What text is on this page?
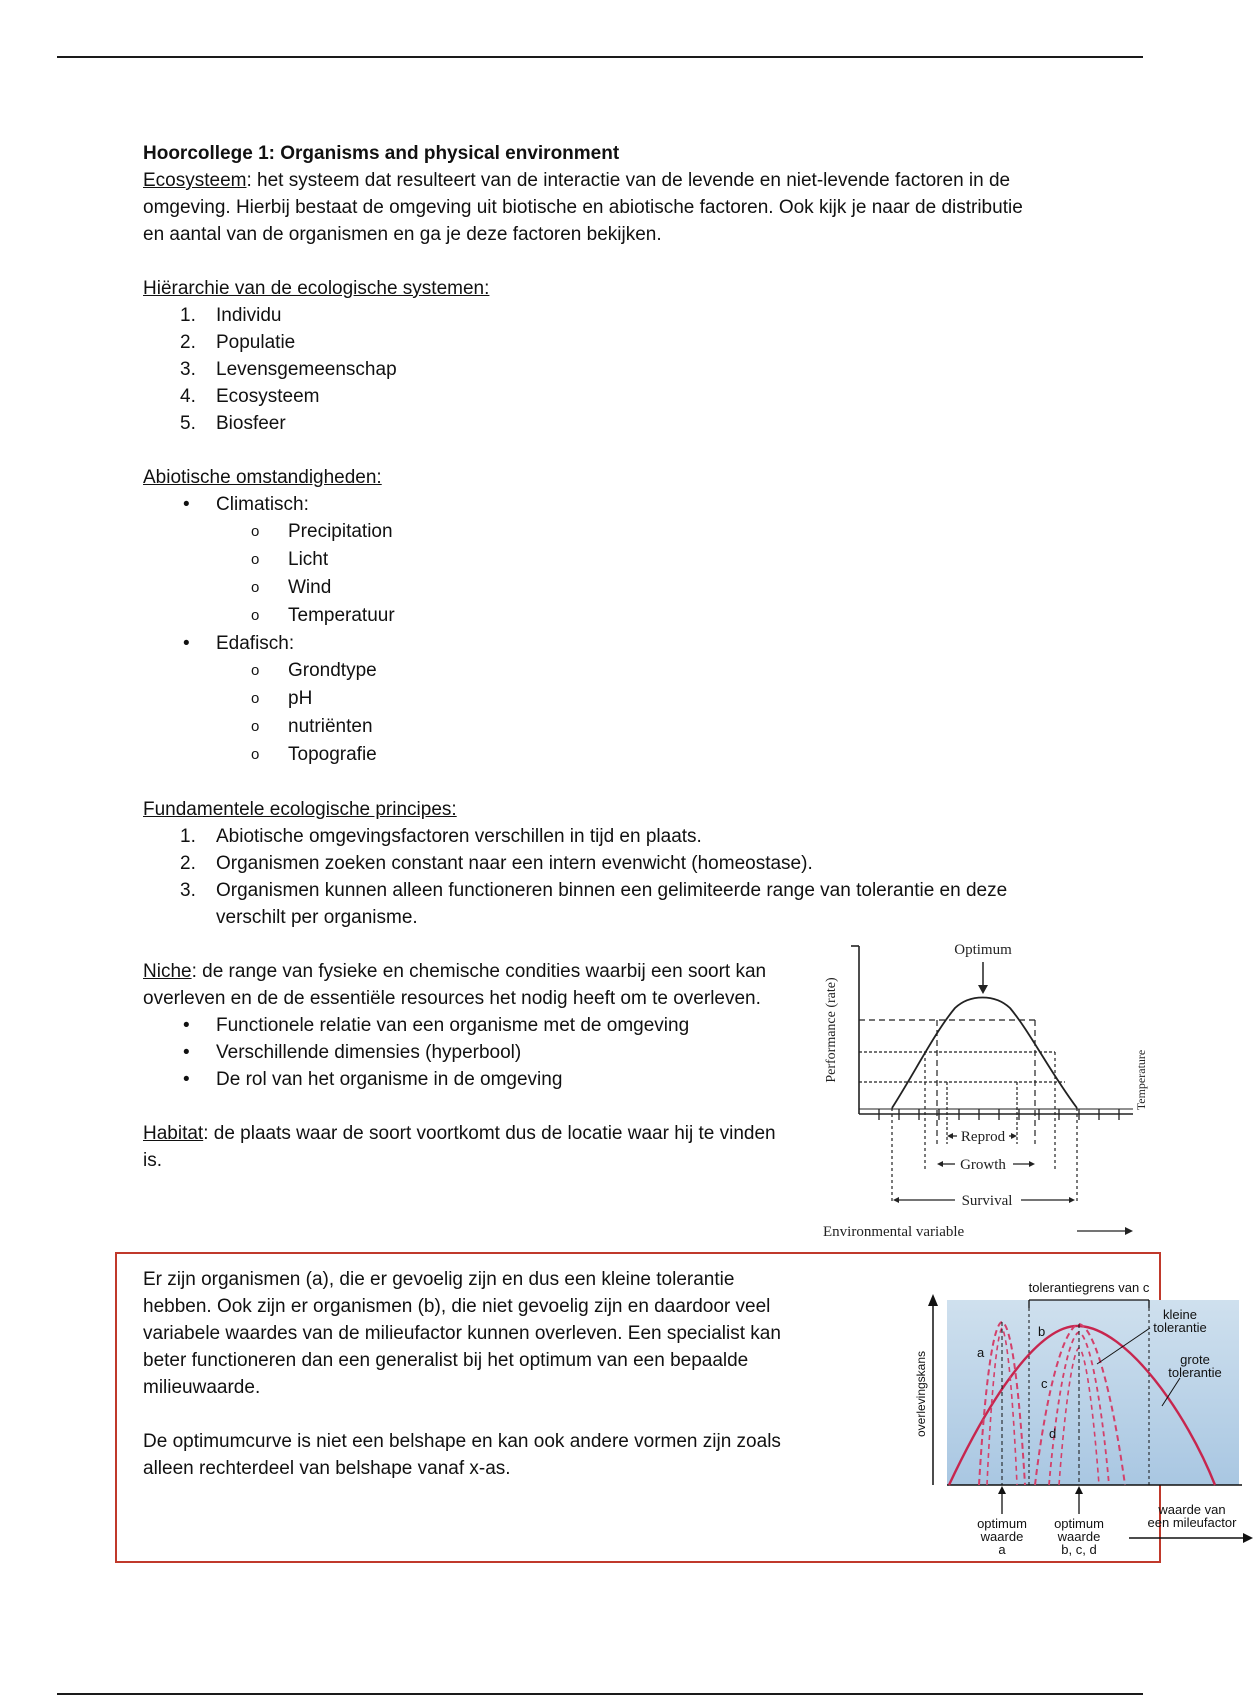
Hoorcollege 1: Organisms and physical environment

Ecosysteem: het systeem dat resulteert van de interactie van de levende en niet-levende factoren in de omgeving. Hierbij bestaat de omgeving uit biotische en abiotische factoren. Ook kijk je naar de distributie en aantal van de organismen en ga je deze factoren bekijken.

Hiërarchie van de ecologische systemen:

1. Individu
2. Populatie
3. Levensgemeenschap
4. Ecosysteem
5. Biosfeer

Abiotische omstandigheden:

• Climatisch:
o Precipitation
o Licht
o Wind
o Temperatuur
• Edafisch:
o Grondtype
o pH
o nutriënten
o Topografie

Fundamentele ecologische principes:

1. Abiotische omgevingsfactoren verschillen in tijd en plaats.
2. Organismen zoeken constant naar een intern evenwicht (homeostase).
3. Organismen kunnen alleen functioneren binnen een gelimiteerde range van tolerantie en deze verschilt per organisme.

Niche: de range van fysieke en chemische condities waarbij een soort kan overleven en de de essentiële resources het nodig heeft om te overleven.

• Functionele relatie van een organisme met de omgeving
• Verschillende dimensies (hyperbool)
• De rol van het organisme in de omgeving

Habitat: de plaats waar de soort voortkomt dus de locatie waar hij te vinden is.

Optimum
Performance (rate)	Temperature
Reprod
Growth
Survival
Environmental variable

Er zijn organismen (a), die er gevoelig zijn en dus een kleine tolerantie hebben. Ook zijn er organismen (b), die niet gevoelig zijn en daardoor veel variabele waardes van de milieufactor kunnen overleven. Een specialist kan beter functioneren dan een generalist bij het optimum van een bepaalde milieuwaarde.

De optimumcurve is niet een belshape en kan ook andere vormen zijn zoals alleen rechterdeel van belshape vanaf x-as.

overlevingskans
tolerantiegrens van c
a
b
c
d
kleine
tolerantie
grote
tolerantie
optimum
waarde
a
optimum
waarde
b, c, d
waarde van
een mileufactor
